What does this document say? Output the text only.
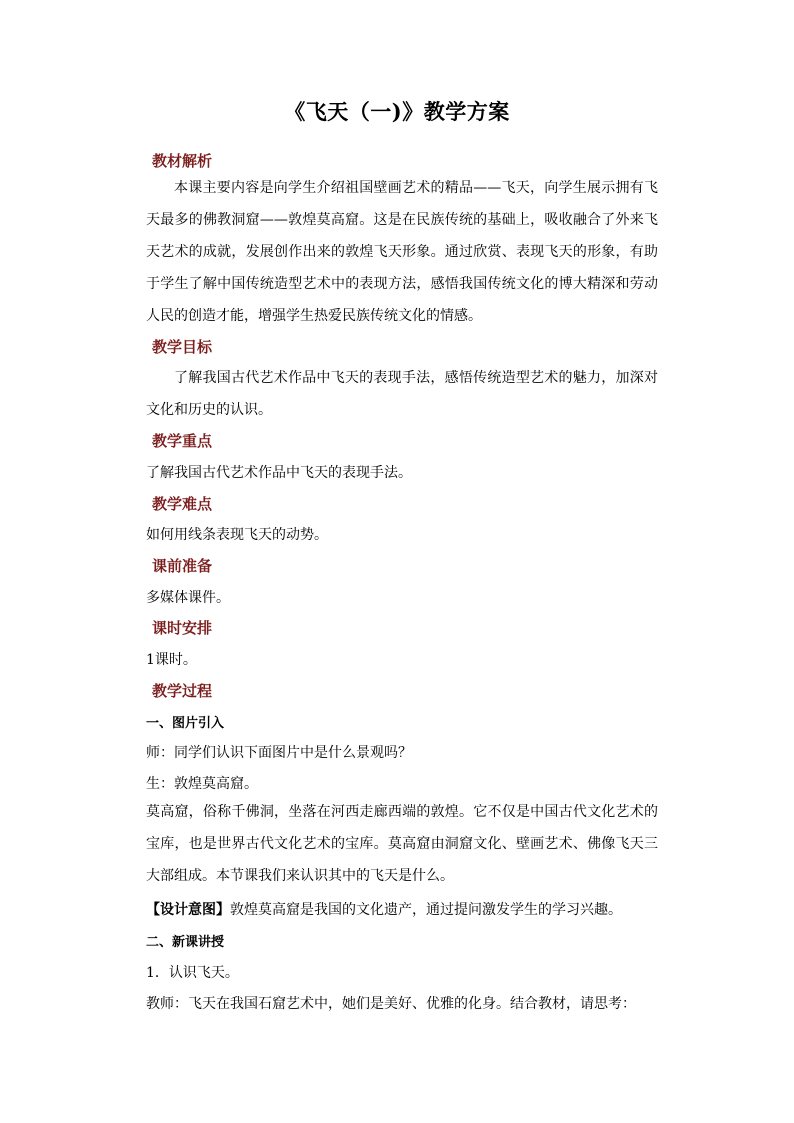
《飞天（一)》教学方案
教材解析
本课主要内容是向学生介绍祖国壁画艺术的精品——飞天，向学生展示拥有飞天最多的佛教洞窟——敦煌莫高窟。这是在民族传统的基础上，吸收融合了外来飞天艺术的成就，发展创作出来的敦煌飞天形象。通过欣赏、表现飞天的形象，有助于学生了解中国传统造型艺术中的表现方法，感悟我国传统文化的博大精深和劳动人民的创造才能，增强学生热爱民族传统文化的情感。
教学目标
了解我国古代艺术作品中飞天的表现手法，感悟传统造型艺术的魅力，加深对文化和历史的认识。
教学重点
了解我国古代艺术作品中飞天的表现手法。
教学难点
如何用线条表现飞天的动势。
课前准备
多媒体课件。
课时安排
1课时。
教学过程
一、图片引入
师：同学们认识下面图片中是什么景观吗？
生：敦煌莫高窟。
莫高窟，俗称千佛洞，坐落在河西走廊西端的敦煌。它不仅是中国古代文化艺术的宝库，也是世界古代文化艺术的宝库。莫高窟由洞窟文化、壁画艺术、佛像飞天三大部组成。本节课我们来认识其中的飞天是什么。
【设计意图】敦煌莫高窟是我国的文化遗产，通过提问激发学生的学习兴趣。
二、新课讲授
1．认识飞天。
教师：飞天在我国石窟艺术中，她们是美好、优雅的化身。结合教材，请思考：
